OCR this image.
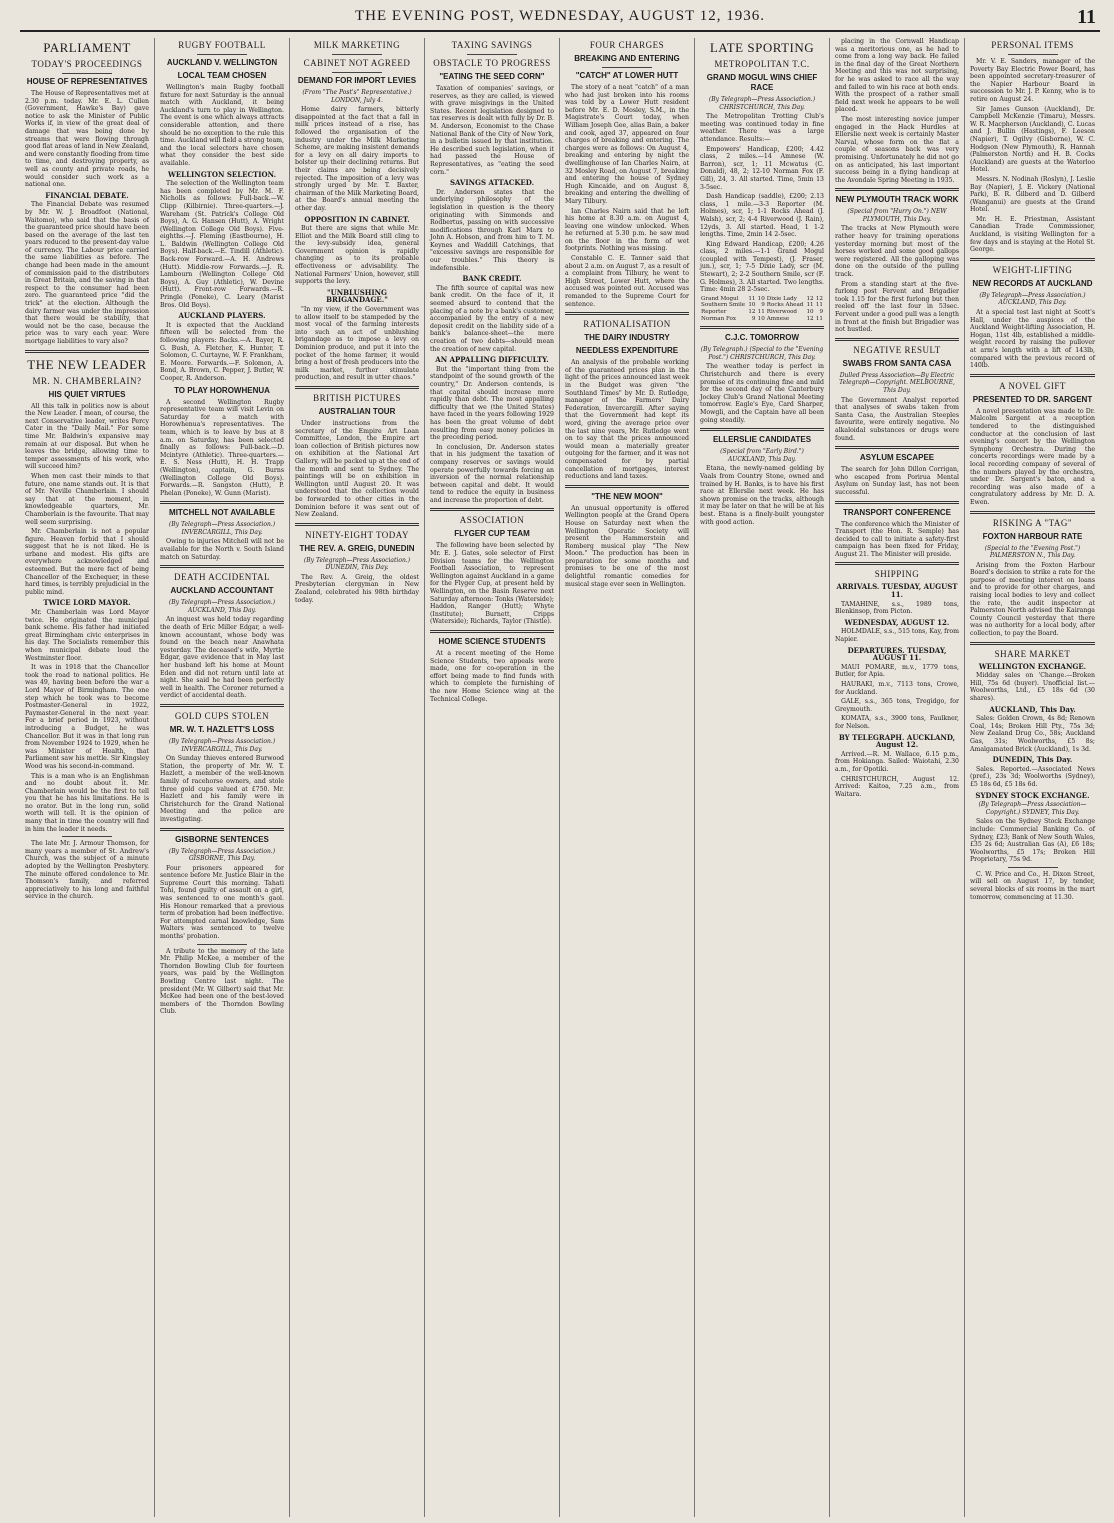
THE EVENING POST, WEDNESDAY, AUGUST 12, 1936.	11
PARLIAMENT
TODAY'S PROCEEDINGS
HOUSE OF REPRESENTATIVES

The House of Representatives met at 2.30 p.m. today. Mr. E. L. Cullen (Government, Hawke's Bay) gave notice to ask the Minister of Public Works if, in view of the great deal of damage that was being done by streams that were flowing through good flat areas of land in New Zealand, and were constantly flooding from time to time, and destroying property, as well as county and private roads, he would consider such work as a national one.

FINANCIAL DEBATE.

The Financial Debate was resumed by Mr. W. J. Broadfoot (National, Waitomo), who said that the basis of the guaranteed price should have been based on the average of the last ten years reduced to the present-day value of currency. The Labour price carried the same liabilities as before. The change had been made in the amount of commission paid to the distributors in Great Britain, and the saving in that respect to the consumer had been zero. The guaranteed price "did the trick" at the election. Although the dairy farmer was under the impression that there would be stability, that would not be the case, because the price was to vary each year. Were mortgage liabilities to vary also?

THE NEW LEADER
MR. N. CHAMBERLAIN?
HIS QUIET VIRTUES

All this talk in politics now is about the New Leader. I mean, of course, the next Conservative leader, writes Percy Cater in the "Daily Mail." For some time Mr. Baldwin's expansive may remain at our disposal. But when he leaves the bridge, allowing time to temper assessments of his work, who will succeed him?

When men cast their minds to that future, one name stands out. It is that of Mr. Neville Chamberlain. I should say that at the moment, in knowledgeable quarters, Mr. Chamberlain is the favourite. That may well seem surprising.

Mr. Chamberlain is not a popular figure. Heaven forbid that I should suggest that he is not liked. He is urbane and modest. His gifts are everywhere acknowledged and esteemed. But the mere fact of being Chancellor of the Exchequer, in these hard times, is terribly prejudicial in the public mind.

TWICE LORD MAYOR.

Mr. Chamberlain was Lord Mayor twice. He originated the municipal bank scheme. His father had initiated great Birmingham civic enterprises in his day. The Socialists remember this when municipal debate loud the Westminster floor.

It was in 1918 that the Chancellor took the road to national politics. He was 49, having been before the war a Lord Mayor of Birmingham. The one step which he took was to become Postmaster-General in 1922, Paymaster-General in the next year. For a brief period in 1923, without introducing a Budget, he was Chancellor. But it was in that long run from November 1924 to 1929, when he was Minister of Health, that Parliament saw his mettle. Sir Kingsley Wood was his second-in-command.

This is a man who is an Englishman and no doubt about it. Mr. Chamberlain would be the first to tell you that he has his limitations. He is no orator. But in the long run, solid worth will tell. It is the opinion of many that in time the country will find in him the leader it needs.

The late Mr. J. Armour Thomson, for many years a member of St. Andrew's Church, was the subject of a minute adopted by the Wellington Presbytery. The minute offered condolence to Mr. Thomson's family, and referred appreciatively to his long and faithful service in the church.

RUGBY FOOTBALL
AUCKLAND V. WELLINGTON
LOCAL TEAM CHOSEN

Wellington's main Rugby football fixture for next Saturday is the annual match with Auckland, it being Auckland's turn to play in Wellington. The event is one which always attracts considerable attention, and there should be no exception to the rule this time. Auckland will field a strong team, and the local selectors have chosen what they consider the best side available.

WELLINGTON SELECTION.

The selection of the Wellington team has been completed by Mr. M. F. Nicholls as follows: Full-back.—W. Clipp (Kilbirnie). Three-quarters.—J. Wareham (St. Patrick's College Old Boys), A. G. Hansen (Hutt), A. Wright (Wellington College Old Boys). Five-eighths.—J. Fleming (Eastbourne), H. L. Baldwin (Wellington College Old Boys). Half-back.—E. Tindill (Athletic). Back-row Forward.—A. H. Andrews (Hutt). Middle-row Forwards.—J. R. Lambourn (Wellington College Old Boys), A. Guy (Athletic), W. Devine (Hutt). Front-row Forwards.—R. Pringle (Poneke), C. Leary (Marist Bros. Old Boys).

AUCKLAND PLAYERS.

It is expected that the Auckland fifteen will be selected from the following players: Backs.—A. Bayer, R. G. Bush, A. Fletcher, K. Hunter, T. Solomon, C. Curtayne, W. F. Frankham, E. Moore. Forwards.—F. Solomon, A. Bond, A. Brown, C. Pepper, J. Butler, W. Cooper, R. Anderson.

TO PLAY HOROWHENUA

A second Wellington Rugby representative team will visit Levin on Saturday for a match with Horowhenua's representatives. The team, which is to leave by bus at 8 a.m. on Saturday, has been selected finally as follows: Full-back.—D. Mcintyre (Athletic). Three-quarters.—E. S. Ness (Hutt), H. H. Trapp (Wellington), captain, G. Burns (Wellington College Old Boys). Forwards.—R. Sangston (Hutt), P. Phelan (Poneke), W. Gunn (Marist).

MITCHELL NOT AVAILABLE
(By Telegraph—Press Association.) INVERCARGILL, This Day.

Owing to injuries Mitchell will not be available for the North v. South Island match on Saturday.

DEATH ACCIDENTAL
AUCKLAND ACCOUNTANT
(By Telegraph—Press Association.) AUCKLAND, This Day.

An inquest was held today regarding the death of Eric Miller Edgar, a well-known accountant, whose body was found on the beach near Anawhata yesterday. The deceased's wife, Myrtle Edgar, gave evidence that in May last her husband left his home at Mount Eden and did not return until late at night. She said he had been perfectly well in health. The Coroner returned a verdict of accidental death.

GOLD CUPS STOLEN
MR. W. T. HAZLETT'S LOSS
(By Telegraph—Press Association.) INVERCARGILL, This Day.

On Sunday thieves entered Burwood Station, the property of Mr. W. T. Hazlett, a member of the well-known family of racehorse owners, and stole three gold cups valued at £750. Mr. Hazlett and his family were in Christchurch for the Grand National Meeting and the police are investigating.

GISBORNE SENTENCES
(By Telegraph—Press Association.) GISBORNE, This Day.

Four prisoners appeared for sentence before Mr. Justice Blair in the Supreme Court this morning. Tahati Tohi, found guilty of assault on a girl, was sentenced to one month's gaol. His Honour remarked that a previous term of probation had been ineffective. For attempted carnal knowledge, Sam Walters was sentenced to twelve months' probation.

A tribute to the memory of the late Mr. Philip McKee, a member of the Thorndon Bowling Club for fourteen years, was paid by the Wellington Bowling Centre last night. The president (Mr. W. Gilbert) said that Mr. McKee had been one of the best-loved members of the Thorndon Bowling Club.

MILK MARKETING
CABINET NOT AGREED
DEMAND FOR IMPORT LEVIES
(From "The Post's" Representative.) LONDON, July 4.

Home dairy farmers, bitterly disappointed at the fact that a fall in milk prices instead of a rise, has followed the organisation of the industry under the Milk Marketing Scheme, are making insistent demands for a levy on all dairy imports to bolster up their declining returns. But their claims are being decisively rejected. The imposition of a levy was strongly urged by Mr. T. Baxter, chairman of the Milk Marketing Board, at the Board's annual meeting the other day.

OPPOSITION IN CABINET.

But there are signs that while Mr. Elliot and the Milk Board still cling to the levy-subsidy idea, general Government opinion is rapidly changing as to its probable effectiveness or advisability. The National Farmers' Union, however, still supports the levy.

"UNBLUSHING BRIGANDAGE."

"In my view, if the Government was to allow itself to be stampeded by the most vocal of the farming interests into such an act of unblushing brigandage as to impose a levy on Dominion produce, and put it into the pocket of the home farmer, it would bring a host of fresh producers into the milk market, further stimulate production, and result in utter chaos."

BRITISH PICTURES
AUSTRALIAN TOUR

Under instructions from the secretary of the Empire Art Loan Committee, London, the Empire art loan collection of British pictures now on exhibition at the National Art Gallery, will be packed up at the end of the month and sent to Sydney. The paintings will be on exhibition in Wellington until August 20. It was understood that the collection would be forwarded to other cities in the Dominion before it was sent out of New Zealand.

NINETY-EIGHT TODAY
THE REV. A. GREIG, DUNEDIN
(By Telegraph—Press Association.) DUNEDIN, This Day.

The Rev. A. Greig, the oldest Presbyterian clergyman in New Zealand, celebrated his 98th birthday today.

TAXING SAVINGS
OBSTACLE TO PROGRESS
"EATING THE SEED CORN"

Taxation of companies' savings, or reserves, as they are called, is viewed with grave misgivings in the United States. Recent legislation designed to tax reserves is dealt with fully by Dr. B. M. Anderson, Economist to the Chase National Bank of the City of New York, in a bulletin issued by that institution. He described such legislation, when it had passed the House of Representatives, as "eating the seed corn."

SAVINGS ATTACKED.

Dr. Anderson states that the underlying philosophy of the legislation in question is the theory originating with Simmonds and Rodbertus, passing on with successive modifications through Karl Marx to John A. Hobson, and from him to T. M. Keynes and Waddill Catchings, that "excessive savings are responsible for our troubles." This theory is indefensible.

BANK CREDIT.

The fifth source of capital was new bank credit. On the face of it, it seemed absurd to contend that the placing of a note by a bank's customer, accompanied by the entry of a new deposit credit on the liability side of a bank's balance-sheet—the mere creation of two debts—should mean the creation of new capital.

AN APPALLING DIFFICULTY.

But the "important thing from the standpoint of the sound growth of the country," Dr. Anderson contends, is that capital should increase more rapidly than debt. The most appalling difficulty that we (the United States) have faced in the years following 1929 has been the great volume of debt resulting from easy money policies in the preceding period.

In conclusion, Dr. Anderson states that in his judgment the taxation of company reserves or savings would operate powerfully towards forcing an inversion of the normal relationship between capital and debt. It would tend to reduce the equity in business and increase the proportion of debt.

ASSOCIATION
FLYGER CUP TEAM

The following have been selected by Mr. E. J. Gates, sole selector of First Division teams for the Wellington Football Association, to represent Wellington against Auckland in a game for the Flyger Cup, at present held by Wellington, on the Basin Reserve next Saturday afternoon: Tonks (Waterside); Haddon, Ranger (Hutt); Whyte (Institute); Burnett, Cripps (Waterside); Richards, Taylor (Thistle).

HOME SCIENCE STUDENTS

At a recent meeting of the Home Science Students, two appeals were made, one for co-operation in the effort being made to find funds with which to complete the furnishing of the new Home Science wing at the Technical College.

FOUR CHARGES
BREAKING AND ENTERING
"CATCH" AT LOWER HUTT

The story of a neat "catch" of a man who had just broken into his rooms was told by a Lower Hutt resident before Mr. E. D. Mosley, S.M., in the Magistrate's Court today, when William Joseph Gee, alias Bain, a baker and cook, aged 37, appeared on four charges of breaking and entering. The charges were as follows: On August 4, breaking and entering by night the dwellinghouse of Ian Charles Nairn, at 32 Mosley Road, on August 7, breaking and entering the house of Sydney Hugh Kincaide, and on August 8, breaking and entering the dwelling of Mary Tilbury.

Ian Charles Nairn said that he left his home at 8.30 a.m. on August 4, leaving one window unlocked. When he returned at 5.30 p.m. he saw mud on the floor in the form of wet footprints. Nothing was missing.

Constable C. E. Tanner said that about 2 a.m. on August 7, as a result of a complaint from Tilbury, he went to High Street, Lower Hutt, where the accused was pointed out. Accused was remanded to the Supreme Court for sentence.

RATIONALISATION
THE DAIRY INDUSTRY
NEEDLESS EXPENDITURE

An analysis of the probable working of the guaranteed prices plan in the light of the prices announced last week in the Budget was given "the Southland Times" by Mr. D. Rutledge, manager of the Farmers' Dairy Federation, Invercargill. After saying that the Government had kept its word, giving the average price over the last nine years, Mr. Rutledge went on to say that the prices announced would mean a materially greater outgoing for the farmer, and it was not compensated for by partial cancellation of mortgages, interest reductions and land taxes.

"THE NEW MOON"

An unusual opportunity is offered Wellington people at the Grand Opera House on Saturday next when the Wellington Operatic Society will present the Hammerstein and Romberg musical play "The New Moon." The production has been in preparation for some months and promises to be one of the most delightful romantic comedies for musical stage ever seen in Wellington.

LATE SPORTING
METROPOLITAN T.C.
GRAND MOGUL WINS CHIEF RACE
(By Telegraph—Press Association.) CHRISTCHURCH, This Day.

The Metropolitan Trotting Club's meeting was continued today in fine weather. There was a large attendance. Results:—

Empowers' Handicap, £200; 4.42 class, 2 miles.—14 Amnese (W. Barron), scr, 1; 11 Mcwatus (C. Donald), 48, 2; 12-10 Norman Fox (F. Gill), 24, 3. All started. Time, 5min 13 3-5sec.

Dash Handicap (saddle), £200; 2.13 class, 1 mile.—3-3 Reporter (M. Holmes), scr, 1; 1-1 Rocks Ahead (J. Walsh), scr, 2; 4-4 Riverwood (J. Rain), 12yds, 3. All started. Head, 1 1-2 lengths. Time, 2min 14 2-5sec.

King Edward Handicap, £200; 4.26 class, 2 miles.—1-1 Grand Mogul (coupled with Tempest), (J. Fraser, jun.), scr, 1; 7-5 Dixie Lady, scr (M. Stewart), 2; 2-2 Southern Smile, scr (F. G. Holmes), 3. All started. Two lengths. Time: 4min 28 2-5sec.

Grand Mogul	11	10	Dixie Lady	12	12
Southern Smile	10	9	Rocks Ahead	11	11
Reporter	12	11	Riverwood	10	9
Norman Fox	9	10	Amnese	12	11
C.J.C. TOMORROW
(By Telegraph.) (Special to the "Evening Post.") CHRISTCHURCH, This Day.

The weather today is perfect in Christchurch and there is every promise of its continuing fine and mild for the second day of the Canterbury Jockey Club's Grand National Meeting tomorrow. Eagle's Eye, Card Sharper, Mowgli, and the Captain have all been going steadily.

ELLERSLIE CANDIDATES
(Special from "Early Bird.") AUCKLAND, This Day.

Etana, the newly-named gelding by Vaals from Country Stone, owned and trained by H. Banks, is to have his first race at Ellerslie next week. He has shown promise on the tracks, although it may be later on that he will be at his best. Etana is a finely-built youngster with good action.

placing in the Cornwall Handicap was a meritorious one, as he had to come from a long way back. He failed in the final day of the Great Northern Meeting and this was not surprising, for he was asked to race all the way and failed to win his race at both ends. With the prospect of a rather small field next week he appears to be well placed.

The most interesting novice jumper engaged in the Hack Hurdles at Ellerslie next week is certainly Master Narval, whose form on the flat a couple of seasons back was very promising. Unfortunately he did not go on as anticipated, his last important success being in a flying handicap at the Avondale Spring Meeting in 1935.

NEW PLYMOUTH TRACK WORK
(Special from "Hurry On.") NEW PLYMOUTH, This Day.

The tracks at New Plymouth were rather heavy for training operations yesterday morning but most of the horses worked and some good gallops were registered. All the galloping was done on the outside of the pulling track.

From a standing start at the five-furlong post Fervent and Brigadier took 1.15 for the first furlong but then reeled off the last four in 53sec. Fervent under a good pull was a length in front at the finish but Brigadier was not hustled.

NEGATIVE RESULT
SWABS FROM SANTA CASA
Dulled Press Association—By Electric Telegraph—Copyright. MELBOURNE, This Day.

The Government Analyst reported that analyses of swabs taken from Santa Casa, the Australian Steeples favourite, were entirely negative. No alkaloidal substances or drugs were found.

ASYLUM ESCAPEE

The search for John Dillon Corrigan, who escaped from Porirua Mental Asylum on Sunday last, has not been successful.

TRANSPORT CONFERENCE

The conference which the Minister of Transport (the Hon. R. Semple) has decided to call to initiate a safety-first campaign has been fixed for Friday, August 21. The Minister will preside.

SHIPPING
ARRIVALS. TUESDAY, AUGUST 11.

TAMAHINE, s.s., 1989 tons, Blenkinsop, from Picton.

WEDNESDAY, AUGUST 12.

HOLMDALE, s.s., 515 tons, Kay, from Napier.

DEPARTURES. TUESDAY, AUGUST 11.

MAUI POMARE, m.v., 1779 tons, Butler, for Apia.

HAURAKI, m.v., 7113 tons, Crowe, for Auckland.

GALE, s.s., 365 tons, Tregidgo, for Greymouth.

KOMATA, s.s., 3900 tons, Faulkner, for Nelson.

BY TELEGRAPH. AUCKLAND, August 12.

Arrived.—R. M. Wallace, 6.15 p.m., from Hokianga. Sailed: Waiotahi, 2.30 a.m., for Opotiki.

CHRISTCHURCH, August 12. Arrived: Kaitoa, 7.25 a.m., from Waitara.

PERSONAL ITEMS

Mr. V. E. Sanders, manager of the Poverty Bay Electric Power Board, has been appointed secretary-treasurer of the Napier Harbour Board in succession to Mr. J. P. Kenny, who is to retire on August 24.

Sir James Gunson (Auckland), Dr. Campbell McKenzie (Timaru), Messrs. W. R. Macpherson (Auckland), C. Lucas and J. Bullin (Hastings), F. Leeson (Napier), T. Ogilvy (Gisborne), W. C. Hodgson (New Plymouth), R. Hannah (Palmerston North) and H. B. Cocks (Auckland) are guests at the Waterloo Hotel.

Messrs. N. Nodinah (Roslyn), J. Leslie Bay (Napier), J. E. Vickery (National Park), B. R. Gilberd and D. Gilberd (Wanganui) are guests at the Grand Hotel.

Mr. H. E. Priestman, Assistant Canadian Trade Commissioner, Auckland, is visiting Wellington for a few days and is staying at the Hotel St. George.

WEIGHT-LIFTING
NEW RECORDS AT AUCKLAND
(By Telegraph—Press Association.) AUCKLAND, This Day.

At a special test last night at Scott's Hall, under the auspices of the Auckland Weight-lifting Association, H. Hogan, 11st 4lb, established a middle-weight record by raising the pullover at arm's length with a lift of 143lb, compared with the previous record of 140lb.

A NOVEL GIFT
PRESENTED TO DR. SARGENT

A novel presentation was made to Dr. Malcolm Sargent at a reception tendered to the distinguished conductor at the conclusion of last evening's concert by the Wellington Symphony Orchestra. During the concerts recordings were made by a local recording company of several of the numbers played by the orchestra, under Dr. Sargent's baton, and a recording was also made of a congratulatory address by Mr. D. A. Ewen.

RISKING A "TAG"
FOXTON HARBOUR RATE
(Special to the "Evening Post.") PALMERSTON N., This Day.

Arising from the Foxton Harbour Board's decision to strike a rate for the purpose of meeting interest on loans and to provide for other charges, and raising local bodies to levy and collect the rate, the audit inspector at Palmerston North advised the Kairanga County Council yesterday that there was no authority for a local body, after collection, to pay the Board.

SHARE MARKET
WELLINGTON EXCHANGE.

Midday sales on 'Change.—Broken Hill, 75s 6d (buyer). Unofficial list.—Woolworths, Ltd., £5 18s 6d (30 shares).

AUCKLAND, This Day.

Sales: Golden Crown, 4s 8d; Renown Coal, 14s; Broken Hill Pty., 75s 3d; New Zealand Drug Co., 58s; Auckland Gas, 31s; Woolworths, £5 8s; Amalgamated Brick (Auckland), 1s 3d.

DUNEDIN, This Day.

Sales. Reported.—Associated News (pref.), 23s 3d; Woolworths (Sydney), £5 18s 6d, £5 18s 6d.

SYDNEY STOCK EXCHANGE.
(By Telegraph—Press Association—Copyright.) SYDNEY, This Day.

Sales on the Sydney Stock Exchange include: Commercial Banking Co. of Sydney, £23; Bank of New South Wales, £35 2s 6d; Australian Gas (A), £6 18s; Woolworths, £5 17s; Broken Hill Proprietary, 75s 9d.

C. W. Price and Co., H. Dixon Street, will sell on August 17, by tender, several blocks of six rooms in the mart tomorrow, commencing at 11.30.
